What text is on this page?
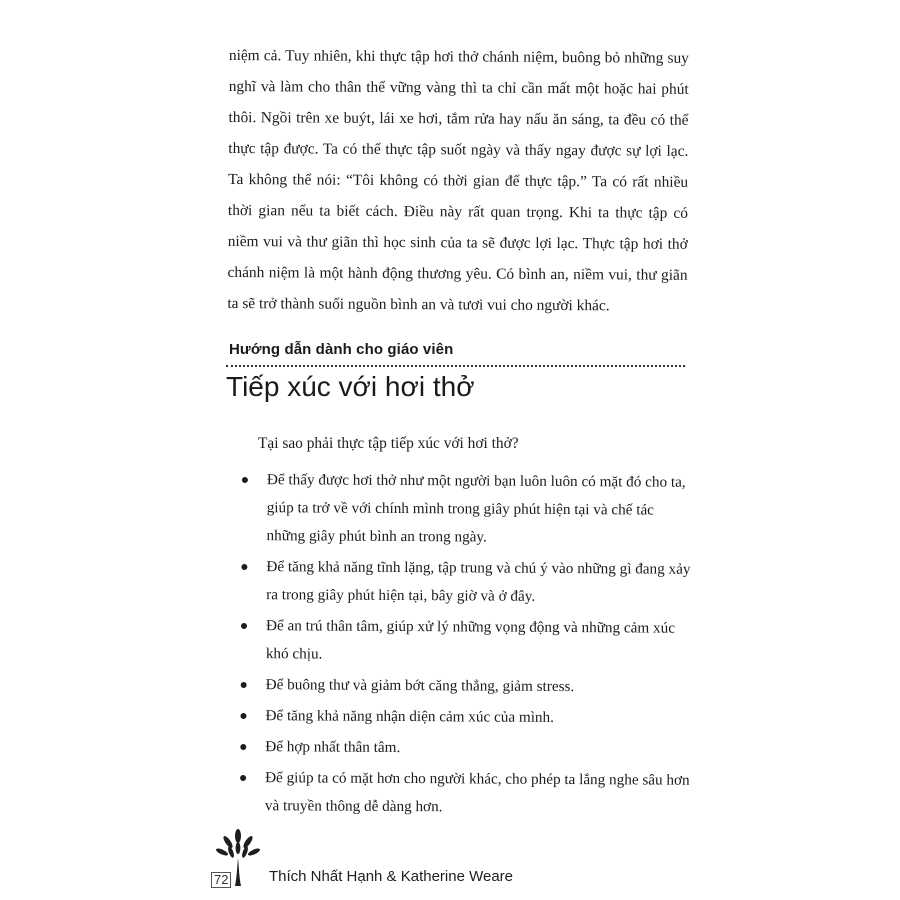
niệm cả. Tuy nhiên, khi thực tập hơi thở chánh niệm, buông bỏ những suy nghĩ và làm cho thân thể vững vàng thì ta chỉ cần mất một hoặc hai phút thôi. Ngồi trên xe buýt, lái xe hơi, tắm rửa hay nấu ăn sáng, ta đều có thể thực tập được. Ta có thể thực tập suốt ngày và thấy ngay được sự lợi lạc. Ta không thể nói: “Tôi không có thời gian để thực tập.” Ta có rất nhiều thời gian nếu ta biết cách. Điều này rất quan trọng. Khi ta thực tập có niềm vui và thư giãn thì học sinh của ta sẽ được lợi lạc. Thực tập hơi thở chánh niệm là một hành động thương yêu. Có bình an, niềm vui, thư giãn ta sẽ trở thành suối nguồn bình an và tươi vui cho người khác.

Hướng dẫn dành cho giáo viên
Tiếp xúc với hơi thở

Tại sao phải thực tập tiếp xúc với hơi thở?

Để thấy được hơi thở như một người bạn luôn luôn có mặt đó cho ta, giúp ta trở về với chính mình trong giây phút hiện tại và chế tác những giây phút bình an trong ngày.
Để tăng khả năng tĩnh lặng, tập trung và chú ý vào những gì đang xảy ra trong giây phút hiện tại, bây giờ và ở đây.
Để an trú thân tâm, giúp xử lý những vọng động và những cảm xúc khó chịu.
Để buông thư và giảm bớt căng thẳng, giảm stress.
Để tăng khả năng nhận diện cảm xúc của mình.
Để hợp nhất thân tâm.
Để giúp ta có mặt hơn cho người khác, cho phép ta lắng nghe sâu hơn và truyền thông dễ dàng hơn.
72	Thích Nhất Hạnh & Katherine Weare
